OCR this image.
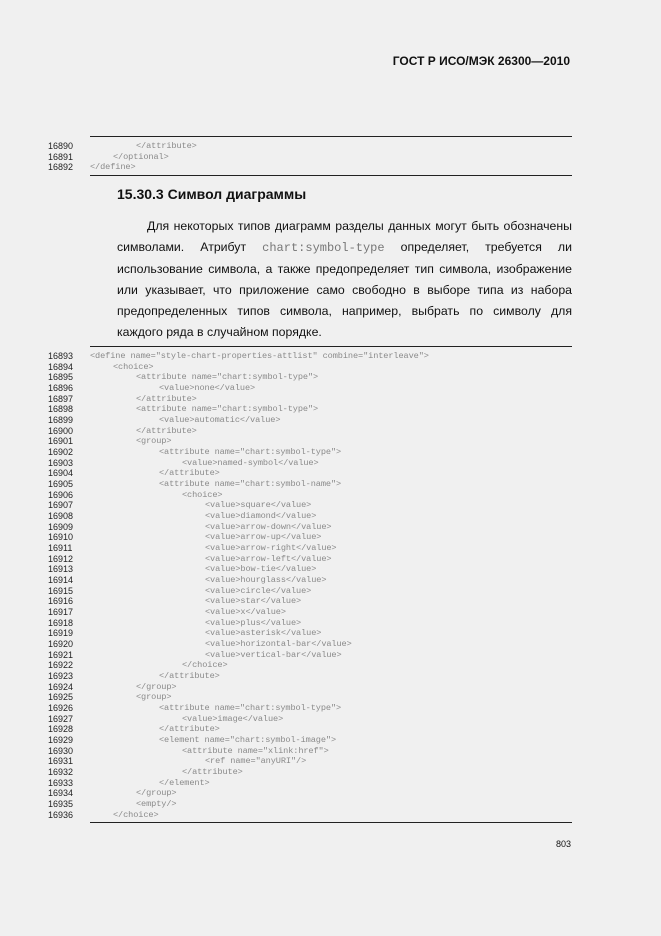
ГОСТ Р ИСО/МЭК 26300—2010
16890	</attribute>
16891	</optional>
16892 </define>
15.30.3 Символ диаграммы
Для некоторых типов диаграмм разделы данных могут быть обозначены символами. Атрибут chart:symbol-type определяет, требуется ли использование символа, а также предопределяет тип символа, изображение или указывает, что приложение само свободно в выборе типа из набора предопределенных типов символа, например, выбрать по символу для каждого ряда в случайном порядке.
16893 <define name="style-chart-properties-attlist" combine="interleave">
16894	<choice>
16895	<attribute name="chart:symbol-type">
16896	<value>none</value>
16897	</attribute>
16898	<attribute name="chart:symbol-type">
16899	<value>automatic</value>
16900	</attribute>
16901	<group>
16902	<attribute name="chart:symbol-type">
16903	<value>named-symbol</value>
16904	</attribute>
16905	<attribute name="chart:symbol-name">
16906	<choice>
16907	<value>square</value>
16908	<value>diamond</value>
16909	<value>arrow-down</value>
16910	<value>arrow-up</value>
16911	<value>arrow-right</value>
16912	<value>arrow-left</value>
16913	<value>bow-tie</value>
16914	<value>hourglass</value>
16915	<value>circle</value>
16916	<value>star</value>
16917	<value>x</value>
16918	<value>plus</value>
16919	<value>asterisk</value>
16920	<value>horizontal-bar</value>
16921	<value>vertical-bar</value>
16922	</choice>
16923	</attribute>
16924	</group>
16925	<group>
16926	<attribute name="chart:symbol-type">
16927	<value>image</value>
16928	</attribute>
16929	<element name="chart:symbol-image">
16930	<attribute name="xlink:href">
16931	<ref name="anyURI"/>
16932	</attribute>
16933	</element>
16934	</group>
16935	<empty/>
16936	</choice>
803
